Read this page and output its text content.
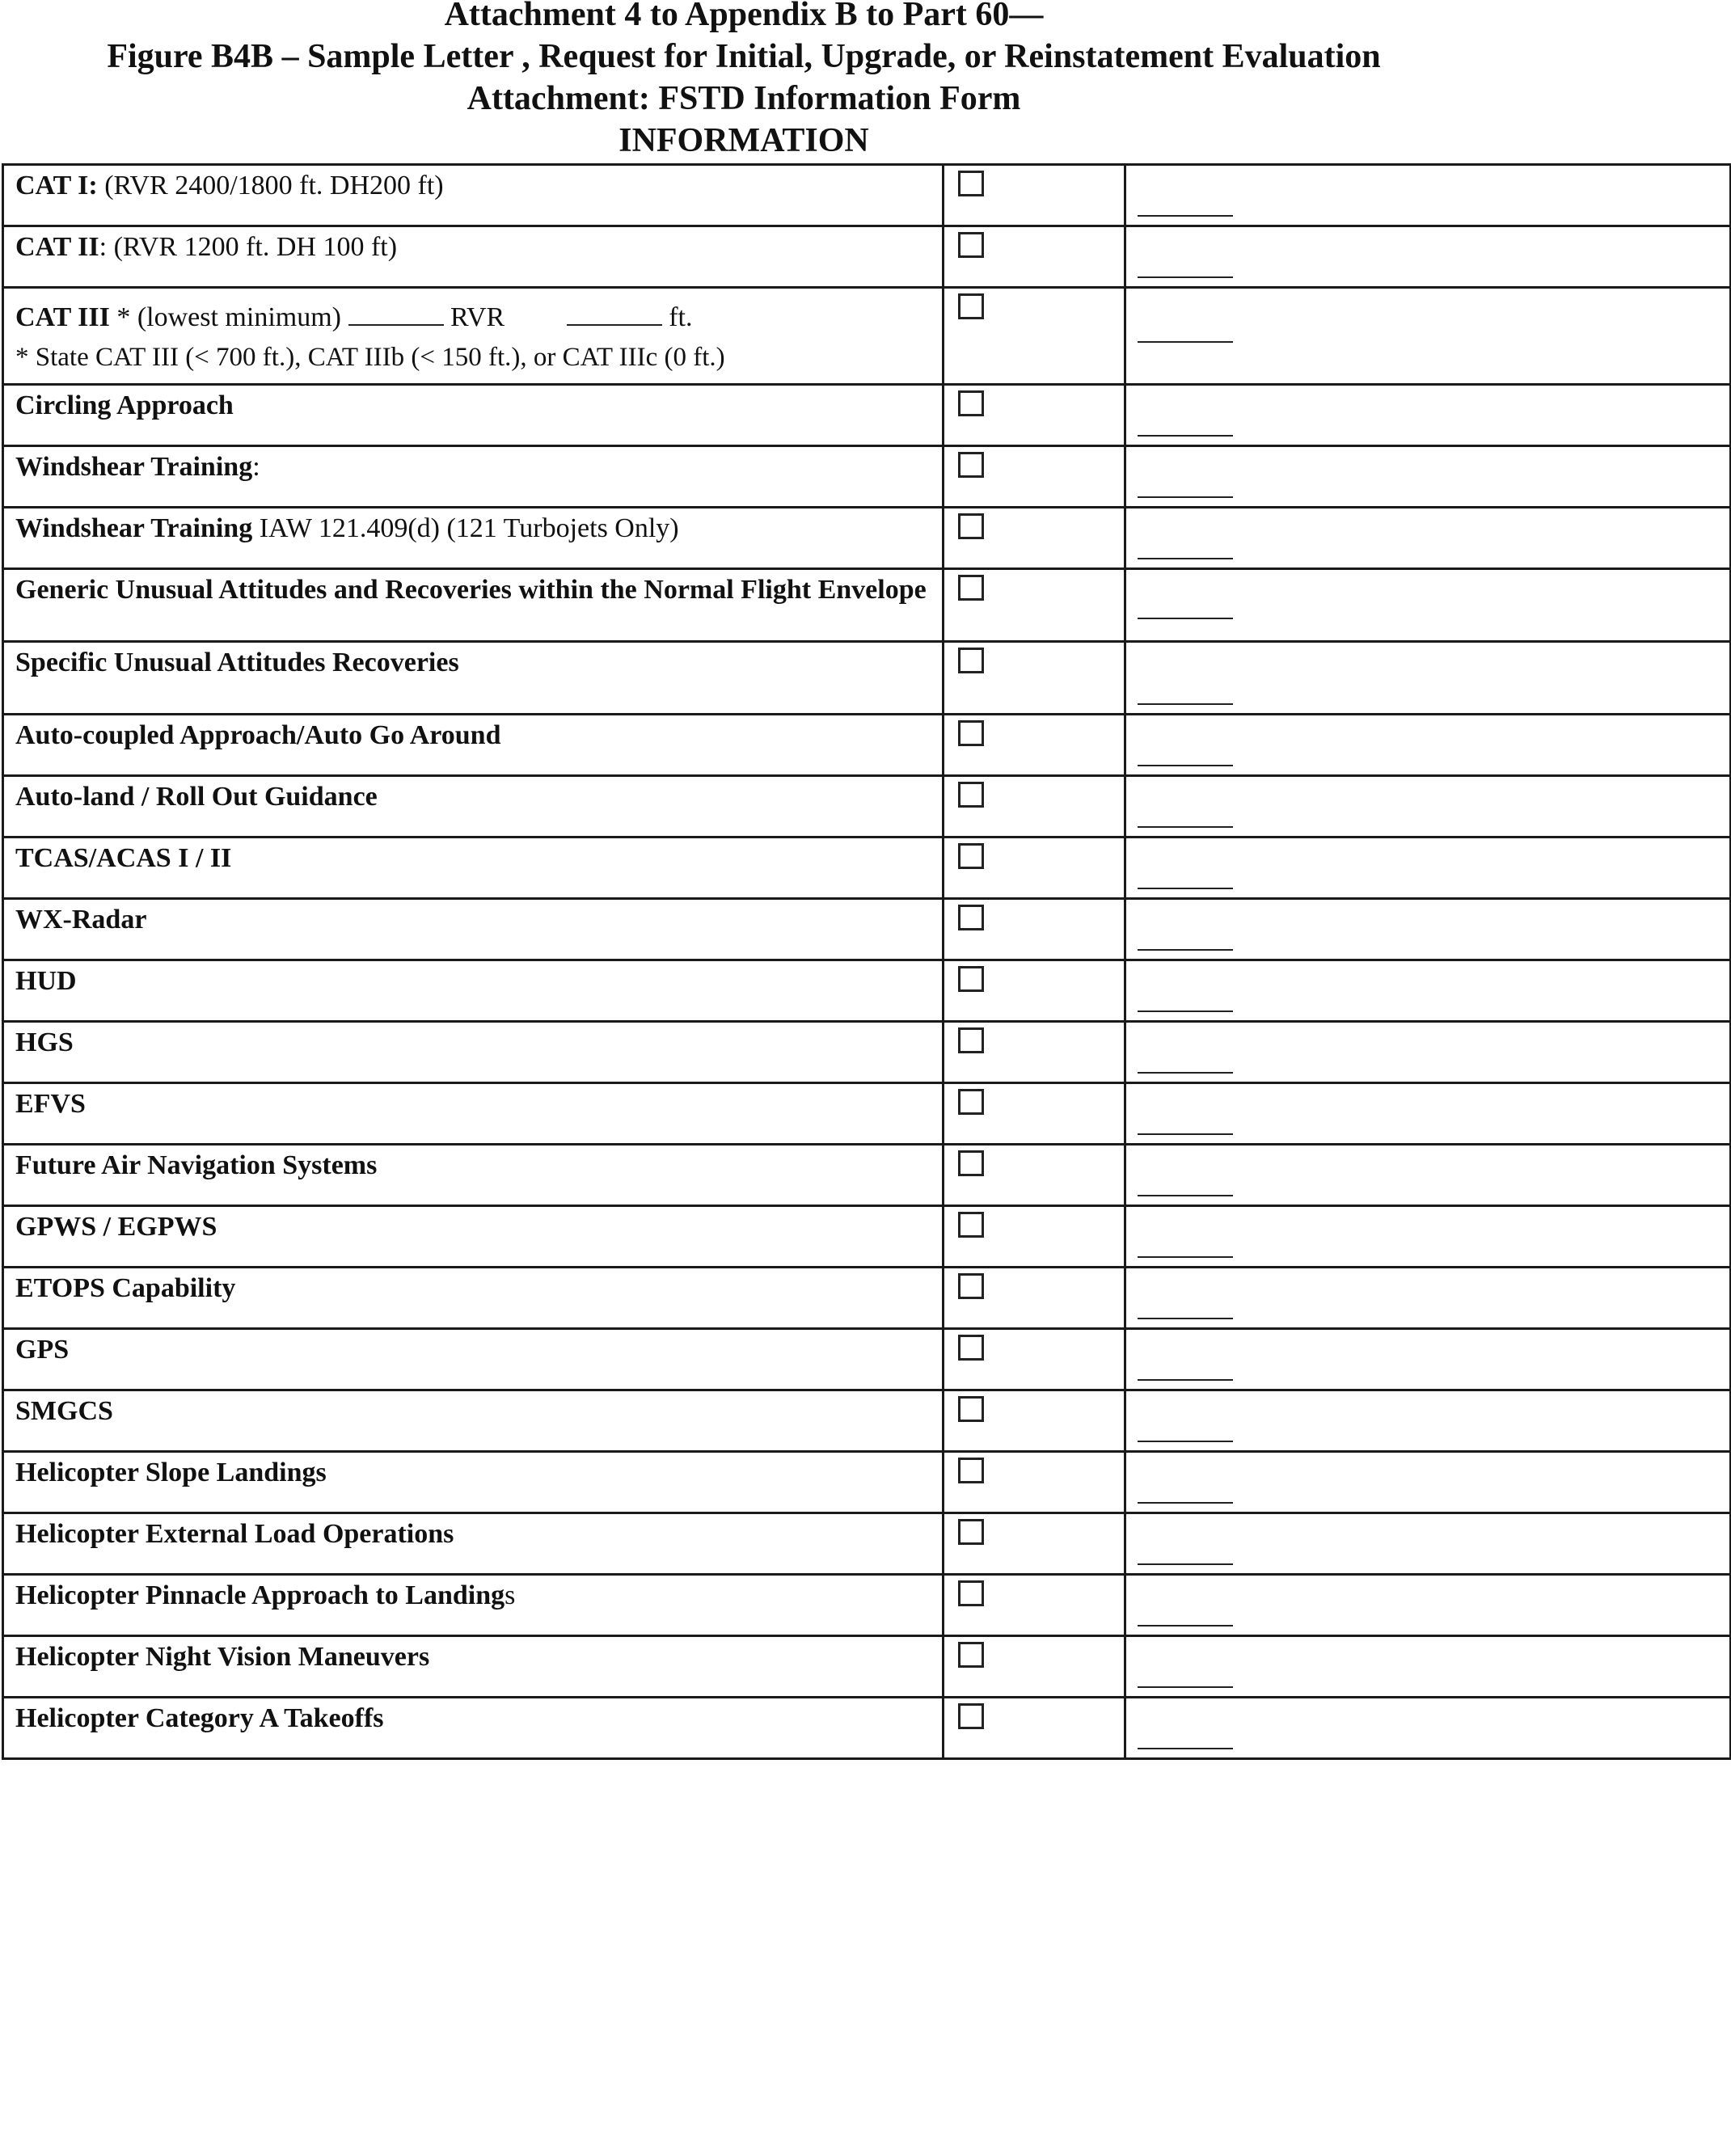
Attachment 4 to Appendix B to Part 60—
Figure B4B – Sample Letter , Request for Initial, Upgrade, or Reinstatement Evaluation
Attachment: FSTD Information Form
INFORMATION
CAT I: (RVR 2400/1800 ft. DH200 ft)		

CAT II: (RVR 1200 ft. DH 100 ft)		

CAT III * (lowest minimum) RVR ft.
* State CAT III (< 700 ft.), CAT IIIb (< 150 ft.), or CAT IIIc (0 ft.)		

Circling Approach		

Windshear Training:		

Windshear Training IAW 121.409(d) (121 Turbojets Only)		

Generic Unusual Attitudes and Recoveries within the Normal Flight Envelope		

Specific Unusual Attitudes Recoveries		

Auto-coupled Approach/Auto Go Around		

Auto-land / Roll Out Guidance		

TCAS/ACAS I / II		

WX-Radar		

HUD		

HGS		

EFVS		

Future Air Navigation Systems		

GPWS / EGPWS		

ETOPS Capability		

GPS		

SMGCS		

Helicopter Slope Landings		

Helicopter External Load Operations		

Helicopter Pinnacle Approach to Landings		

Helicopter Night Vision Maneuvers		

Helicopter Category A Takeoffs		
